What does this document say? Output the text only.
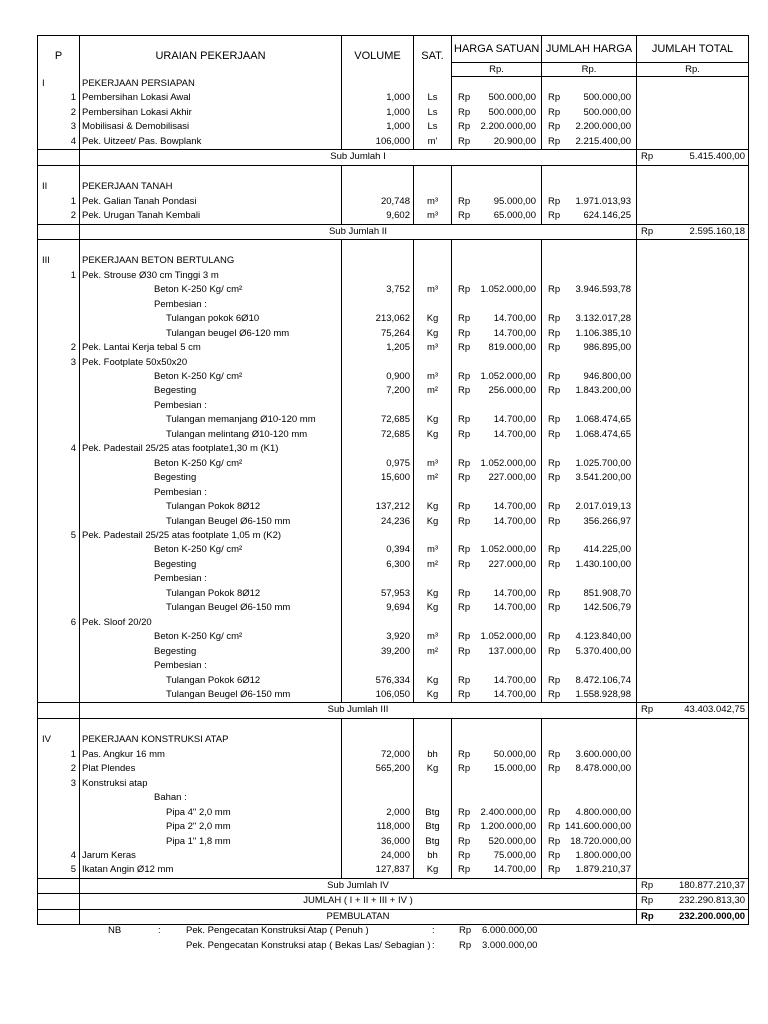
P	URAIAN PEKERJAAN	VOLUME	SAT.	HARGA SATUAN	JUMLAH HARGA	JUMLAH TOTAL	
				Rp.	Rp.	Rp.	
I	PEKERJAAN PERSIAPAN						
1	Pembersihan Lokasi Awal	1,000	Ls	Rp 500.000,00	Rp 500.000,00		

2	Pembersihan Lokasi Akhir	1,000	Ls	Rp 500.000,00	Rp 500.000,00		

3	Mobilisasi & Demobilisasi	1,000	Ls	Rp 2.200.000,00	Rp 2.200.000,00		

4	Pek. Uitzeet/ Pas. Bowplank	106,000	m'	Rp 20.900,00	Rp 2.215.400,00		

	Sub Jumlah I					Rp	5.415.400,00

II	PEKERJAAN TANAH						
1	Pek. Galian Tanah Pondasi	20,748	m³	Rp 95.000,00	Rp 1.971.013,93		

2	Pek. Urugan Tanah Kembali	9,602	m³	Rp 65.000,00	Rp 624.146,25		

	Sub Jumlah II					Rp	2.595.160,18

III	PEKERJAAN BETON BERTULANG						
1	Pek. Strouse Ø30 cm Tinggi 3 m						
	Beton K-250 Kg/ cm²	3,752	m³	Rp 1.052.000,00	Rp 3.946.593,78		

	Pembesian :						
	Tulangan pokok 6Ø10	213,062	Kg	Rp 14.700,00	Rp 3.132.017,28		

	Tulangan beugel Ø6-120 mm	75,264	Kg	Rp 14.700,00	Rp 1.106.385,10		

2	Pek. Lantai Kerja tebal 5 cm	1,205	m³	Rp 819.000,00	Rp 986.895,00		

3	Pek. Footplate 50x50x20						
	Beton K-250 Kg/ cm²	0,900	m³	Rp 1.052.000,00	Rp 946.800,00		

	Begesting	7,200	m²	Rp 256.000,00	Rp 1.843.200,00		

	Pembesian :						
	Tulangan memanjang Ø10-120 mm	72,685	Kg	Rp 14.700,00	Rp 1.068.474,65		

	Tulangan melintang Ø10-120 mm	72,685	Kg	Rp 14.700,00	Rp 1.068.474,65		

4	Pek. Padestail 25/25 atas footplate1,30 m (K1)						
	Beton K-250 Kg/ cm²	0,975	m³	Rp 1.052.000,00	Rp 1.025.700,00		

	Begesting	15,600	m²	Rp 227.000,00	Rp 3.541.200,00		

	Pembesian :						
	Tulangan Pokok 8Ø12	137,212	Kg	Rp 14.700,00	Rp 2.017.019,13		

	Tulangan Beugel Ø6-150 mm	24,236	Kg	Rp 14.700,00	Rp 356.266,97		

5	Pek. Padestail 25/25 atas footplate 1,05 m (K2)						
	Beton K-250 Kg/ cm²	0,394	m³	Rp 1.052.000,00	Rp 414.225,00		

	Begesting	6,300	m²	Rp 227.000,00	Rp 1.430.100,00		

	Pembesian :						
	Tulangan Pokok 8Ø12	57,953	Kg	Rp 14.700,00	Rp 851.908,70		

	Tulangan Beugel Ø6-150 mm	9,694	Kg	Rp 14.700,00	Rp 142.506,79		

6	Pek. Sloof 20/20						
	Beton K-250 Kg/ cm²	3,920	m³	Rp 1.052.000,00	Rp 4.123.840,00		

	Begesting	39,200	m²	Rp 137.000,00	Rp 5.370.400,00		

	Pembesian :						
	Tulangan Pokok 6Ø12	576,334	Kg	Rp 14.700,00	Rp 8.472.106,74		

	Tulangan Beugel Ø6-150 mm	106,050	Kg	Rp 14.700,00	Rp 1.558.928,98		

	Sub Jumlah III					Rp	43.403.042,75

IV	PEKERJAAN KONSTRUKSI ATAP						
1	Pas. Angkur 16 mm	72,000	bh	Rp 50.000,00	Rp 3.600.000,00		

2	Plat Plendes	565,200	Kg	Rp 15.000,00	Rp 8.478.000,00		

3	Konstruksi atap						
	Bahan :						
	Pipa 4" 2,0 mm	2,000	Btg	Rp 2.400.000,00	Rp 4.800.000,00		

	Pipa 2" 2,0 mm	118,000	Btg	Rp 1.200.000,00	Rp 141.600.000,00		

	Pipa 1" 1,8 mm	36,000	Btg	Rp 520.000,00	Rp 18.720.000,00		

4	Jarum Keras	24,000	bh	Rp 75.000,00	Rp 1.800.000,00		

5	Ikatan Angin Ø12 mm	127,837	Kg	Rp 14.700,00	Rp 1.879.210,37		

	Sub Jumlah IV					Rp	180.877.210,37
	JUMLAH ( I + II + III + IV )					Rp	232.290.813,30
	PEMBULATAN					Rp	232.200.000,00
NB	:	Pek. Pengecatan Konstruksi Atap ( Penuh )	:	Rp 6.000.000,00
Pek. Pengecatan Konstruksi atap ( Bekas Las/ Sebagian ) :	Rp 3.000.000,00
